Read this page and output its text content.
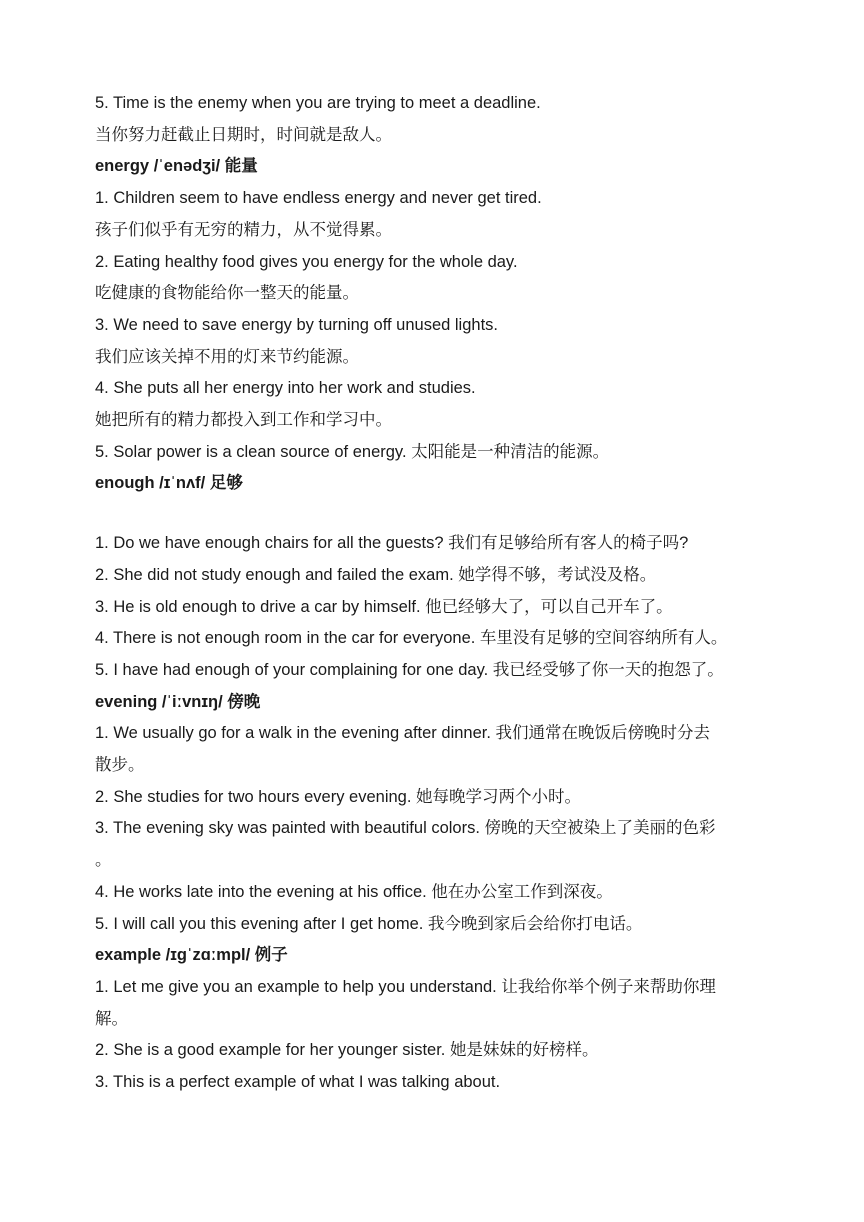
5. Time is the enemy when you are trying to meet a deadline.
当你努力赶截止日期时，时间就是敌人。
energy /ˈenədʒi/ 能量
1. Children seem to have endless energy and never get tired.
孩子们似乎有无穷的精力，从不觉得累。
2. Eating healthy food gives you energy for the whole day.
吃健康的食物能给你一整天的能量。
3. We need to save energy by turning off unused lights.
我们应该关掉不用的灯来节约能源。
4. She puts all her energy into her work and studies.
她把所有的精力都投入到工作和学习中。
5. Solar power is a clean source of energy. 太阳能是一种清洁的能源。
enough /ɪˈnʌf/ 足够
1. Do we have enough chairs for all the guests? 我们有足够给所有客人的椅子吗?
2. She did not study enough and failed the exam. 她学得不够，考试没及格。
3. He is old enough to drive a car by himself. 他已经够大了，可以自己开车了。
4. There is not enough room in the car for everyone. 车里没有足够的空间容纳所有人。
5. I have had enough of your complaining for one day. 我已经受够了你一天的抱怨了。
evening /ˈiːvnɪŋ/ 傍晚
1. We usually go for a walk in the evening after dinner. 我们通常在晚饭后傍晚时分去
散步。
2. She studies for two hours every evening. 她每晚学习两个小时。
3. The evening sky was painted with beautiful colors. 傍晚的天空被染上了美丽的色彩
。
4. He works late into the evening at his office. 他在办公室工作到深夜。
5. I will call you this evening after I get home. 我今晚到家后会给你打电话。
example /ɪɡˈzɑːmpl/ 例子
1. Let me give you an example to help you understand. 让我给你举个例子来帮助你理
解。
2. She is a good example for her younger sister. 她是妹妹的好榜样。
3. This is a perfect example of what I was talking about.
